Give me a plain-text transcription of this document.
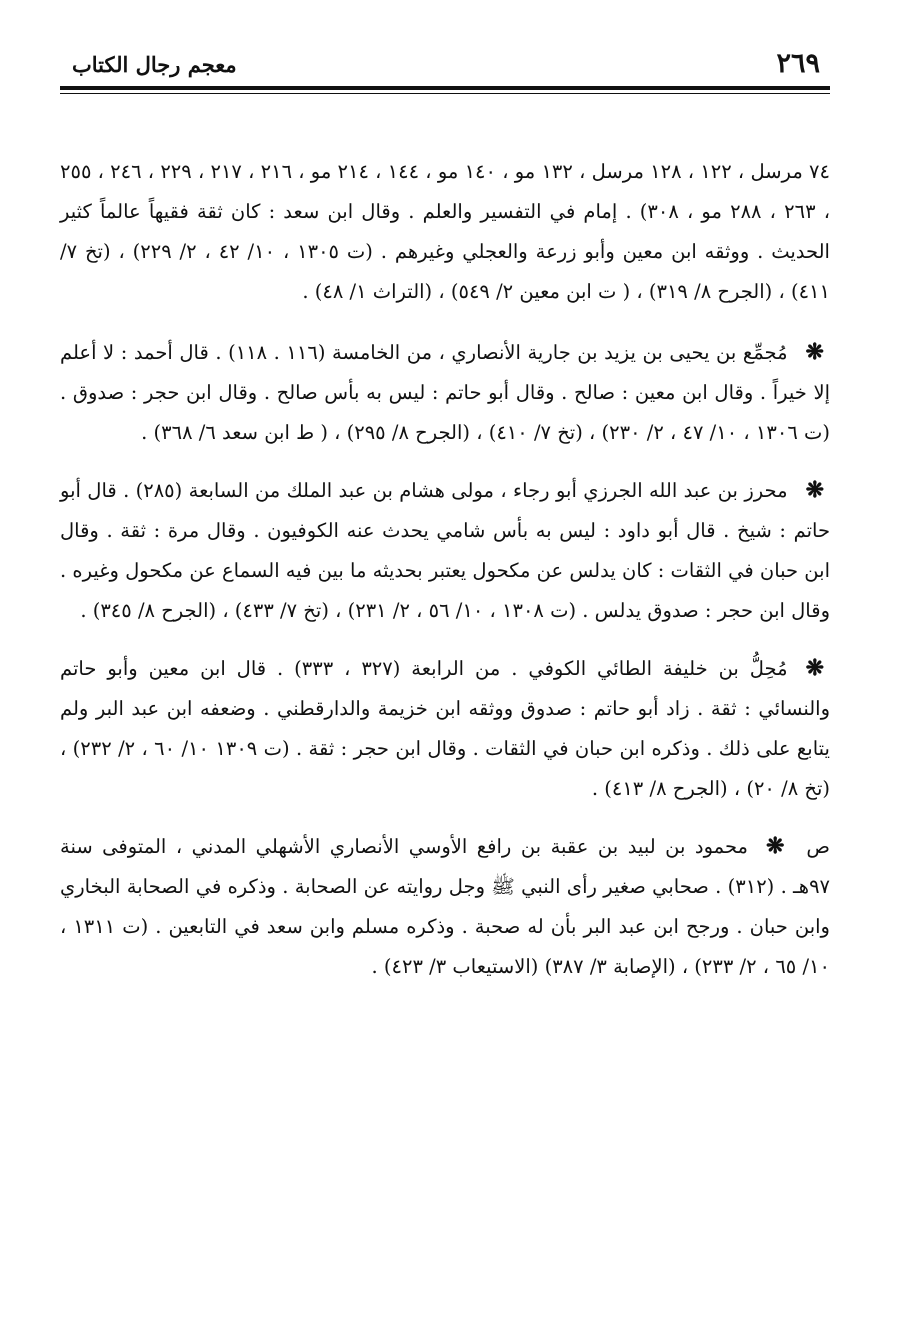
٢٦٩
معجم رجال الكتاب

٧٤ مرسل ، ١٢٢ ، ١٢٨ مرسل ، ١٣٢ مو ، ١٤٠ مو ، ١٤٤ ، ٢١٤ مو ، ٢١٦ ، ٢١٧ ، ٢٢٩ ، ٢٤٦ ، ٢٥٥ ، ٢٦٣ ، ٢٨٨ مو ، ٣٠٨) . إمام في التفسير والعلم . وقال ابن سعد : كان ثقة فقيهاً عالماً كثير الحديث . ووثقه ابن معين وأبو زرعة والعجلي وغيرهم . (ت ١٣٠٥ ، ١٠/ ٤٢ ، ٢/ ٢٢٩) ، (تخ ٧/ ٤١١) ، (الجرح ٨/ ٣١٩) ، ( ت ابن معين ٢/ ٥٤٩) ، (التراث ١/ ٤٨) .

❋مُجمِّع بن يحيى بن يزيد بن جارية الأنصاري ، من الخامسة (١١٦ . ١١٨) . قال أحمد : لا أعلم إلا خيراً . وقال ابن معين : صالح . وقال أبو حاتم : ليس به بأس صالح . وقال ابن حجر : صدوق . (ت ١٣٠٦ ، ١٠/ ٤٧ ، ٢/ ٢٣٠) ، (تخ ٧/ ٤١٠) ، (الجرح ٨/ ٢٩٥) ، ( ط ابن سعد ٦/ ٣٦٨) .

❋محرز بن عبد الله الجرزي أبو رجاء ، مولى هشام بن عبد الملك من السابعة (٢٨٥) . قال أبو حاتم : شيخ . قال أبو داود : ليس به بأس شامي يحدث عنه الكوفيون . وقال مرة : ثقة . وقال ابن حبان في الثقات : كان يدلس عن مكحول يعتبر بحديثه ما بين فيه السماع عن مكحول وغيره . وقال ابن حجر : صدوق يدلس . (ت ١٣٠٨ ، ١٠/ ٥٦ ، ٢/ ٢٣١) ، (تخ ٧/ ٤٣٣) ، (الجرح ٨/ ٣٤٥) .

❋مُحِلُّ بن خليفة الطائي الكوفي . من الرابعة (٣٢٧ ، ٣٣٣) . قال ابن معين وأبو حاتم والنسائي : ثقة . زاد أبو حاتم : صدوق ووثقه ابن خزيمة والدارقطني . وضعفه ابن عبد البر ولم يتابع على ذلك . وذكره ابن حبان في الثقات . وقال ابن حجر : ثقة . (ت ١٣٠٩ ١٠/ ٦٠ ، ٢/ ٢٣٢) ، (تخ ٨/ ٢٠) ، (الجرح ٨/ ٤١٣) .

ص❋محمود بن لبيد بن عقبة بن رافع الأوسي الأنصاري الأشهلي المدني ، المتوفى سنة ٩٧هـ . (٣١٢) . صحابي صغير رأى النبي ﷺ وجل روايته عن الصحابة . وذكره في الصحابة البخاري وابن حبان . ورجح ابن عبد البر بأن له صحبة . وذكره مسلم وابن سعد في التابعين . (ت ١٣١١ ، ١٠/ ٦٥ ، ٢/ ٢٣٣) ، (الإصابة ٣/ ٣٨٧) (الاستيعاب ٣/ ٤٢٣) .
